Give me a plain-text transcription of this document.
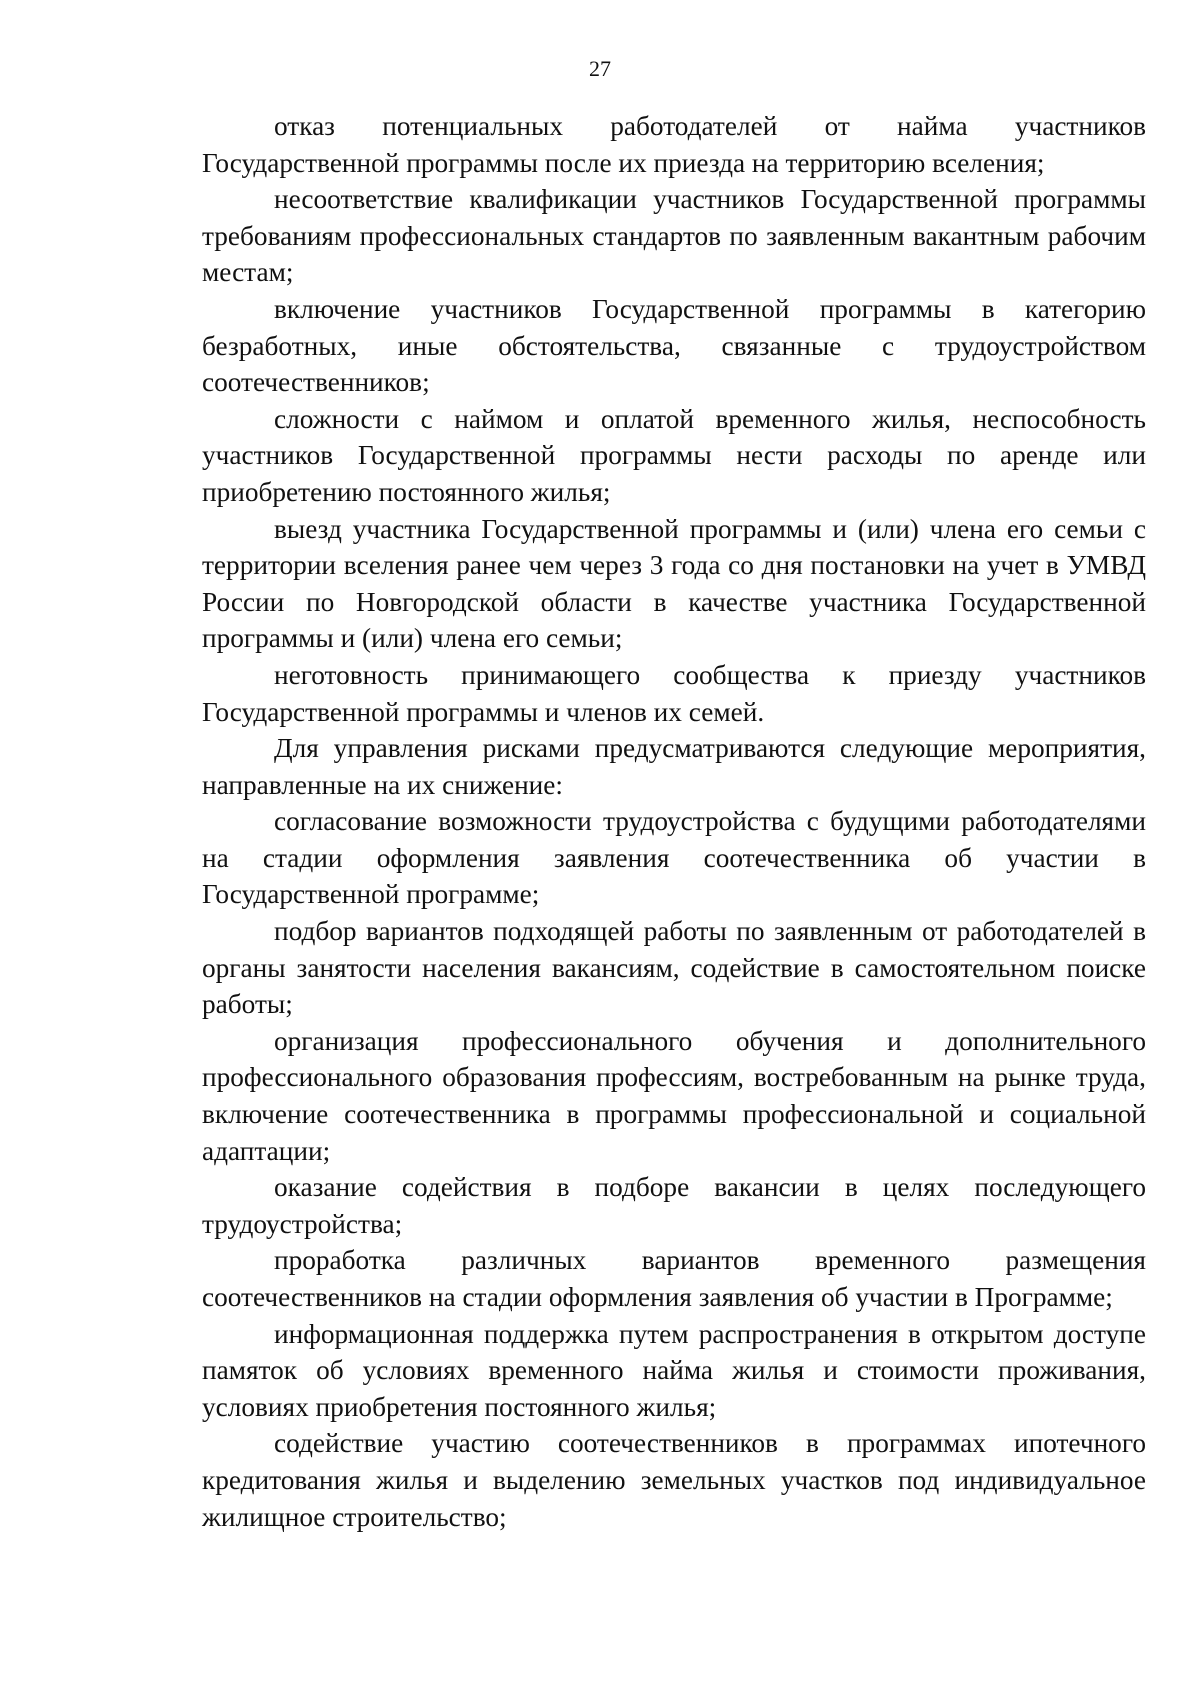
27

отказ потенциальных работодателей от найма участников Государственной программы после их приезда на территорию вселения;

несоответствие квалификации участников Государственной программы требованиям профессиональных стандартов по заявленным вакантным рабочим местам;

включение участников Государственной программы в категорию безработных, иные обстоятельства, связанные с трудоустройством соотечественников;

сложности с наймом и оплатой временного жилья, неспособность участников Государственной программы нести расходы по аренде или приобретению постоянного жилья;

выезд участника Государственной программы и (или) члена его семьи с территории вселения ранее чем через 3 года со дня постановки на учет в УМВД России по Новгородской области в качестве участника Государственной программы и (или) члена его семьи;

неготовность принимающего сообщества к приезду участников Государственной программы и членов их семей.

Для управления рисками предусматриваются следующие мероприятия, направленные на их снижение:

согласование возможности трудоустройства с будущими работодателями на стадии оформления заявления соотечественника об участии в Государственной программе;

подбор вариантов подходящей работы по заявленным от работодателей в органы занятости населения вакансиям, содействие в самостоятельном поиске работы;

организация профессионального обучения и дополнительного профессионального образования профессиям, востребованным на рынке труда, включение соотечественника в программы профессиональной и социальной адаптации;

оказание содействия в подборе вакансии в целях последующего трудоустройства;

проработка различных вариантов временного размещения соотечественников на стадии оформления заявления об участии в Программе;

информационная поддержка путем распространения в открытом доступе памяток об условиях временного найма жилья и стоимости проживания, условиях приобретения постоянного жилья;

содействие участию соотечественников в программах ипотечного кредитования жилья и выделению земельных участков под индивидуальное жилищное строительство;
